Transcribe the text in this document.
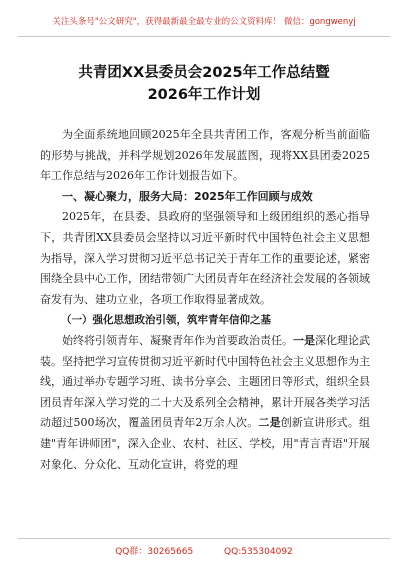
关注头条号"公文研究"，获得最新最全最专业的公文资料库！ 微信：gongwenyj
共青团XX县委员会2025年工作总结暨
2026年工作计划

为全面系统地回顾2025年全县共青团工作，客观分析当前面临的形势与挑战，并科学规划2026年发展蓝图，现将XX县团委2025年工作总结与2026年工作计划报告如下。

一、凝心聚力，服务大局：2025年工作回顾与成效

2025年，在县委、县政府的坚强领导和上级团组织的悉心指导下，共青团XX县委员会坚持以习近平新时代中国特色社会主义思想为指导，深入学习贯彻习近平总书记关于青年工作的重要论述，紧密围绕全县中心工作，团结带领广大团员青年在经济社会发展的各领域奋发有为、建功立业，各项工作取得显著成效。

（一）强化思想政治引领，筑牢青年信仰之基

始终将引领青年、凝聚青年作为首要政治责任。一是深化理论武装。坚持把学习宣传贯彻习近平新时代中国特色社会主义思想作为主线，通过举办专题学习班、读书分享会、主题团日等形式，组织全县团员青年深入学习党的二十大及系列全会精神，累计开展各类学习活动超过500场次，覆盖团员青年2万余人次。二是创新宣讲形式。组建"青年讲师团"，深入企业、农村、社区、学校，用"青言青语"开展对象化、分众化、互动化宣讲，将党的理

QQ群：30265665	QQ:535304092
